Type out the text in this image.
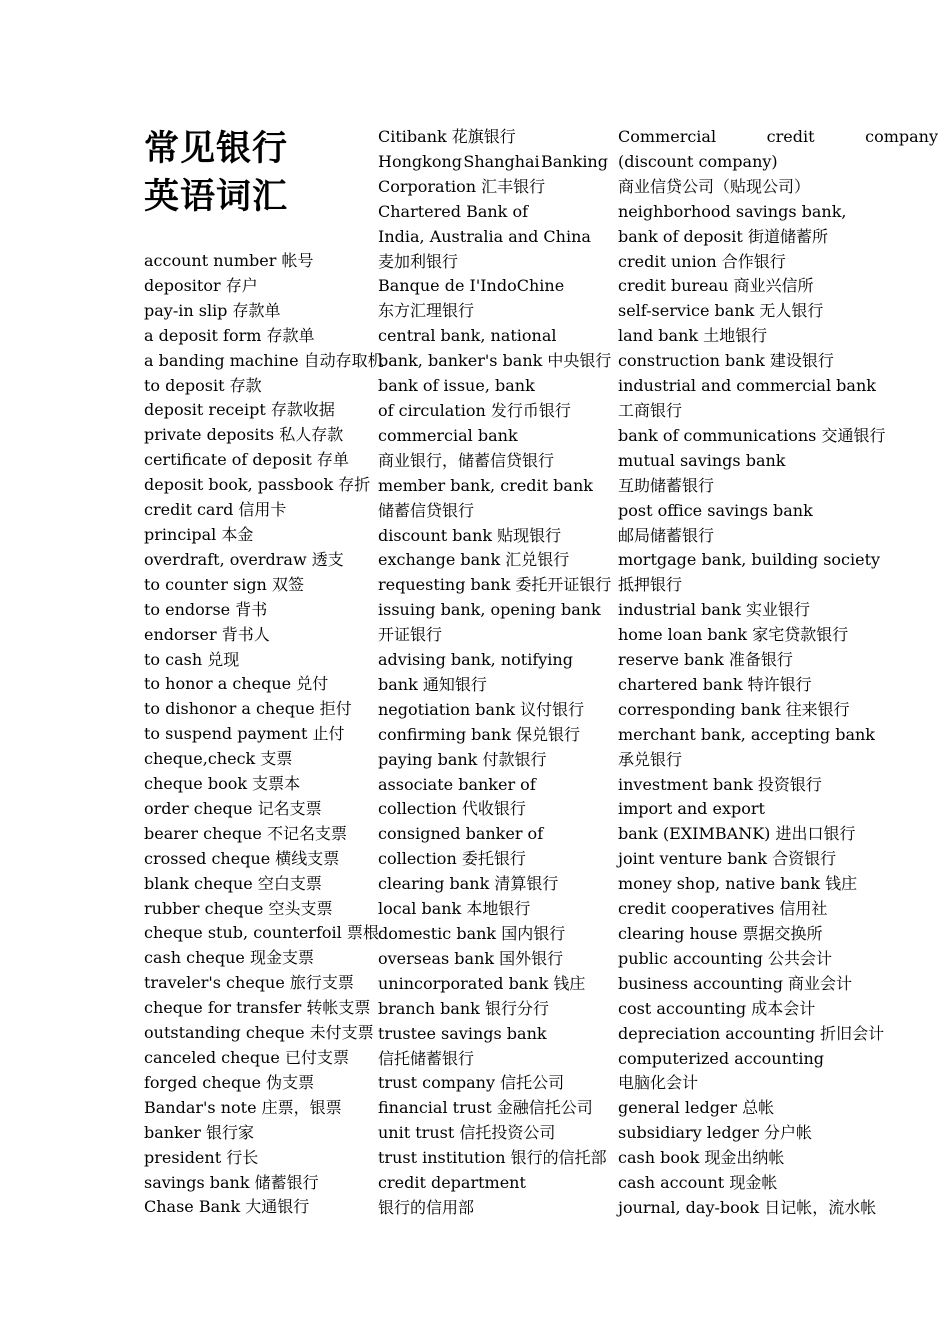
常见银行
英语词汇
account number 帐号
depositor 存户
pay-in slip 存款单
a deposit form 存款单
a banding machine 自动存取机
to deposit 存款
deposit receipt 存款收据
private deposits 私人存款
certificate of deposit 存单
deposit book, passbook 存折
credit card 信用卡
principal 本金
overdraft, overdraw 透支
to counter sign 双签
to endorse 背书
endorser 背书人
to cash 兑现
to honor a cheque 兑付
to dishonor a cheque 拒付
to suspend payment 止付
cheque,check 支票
cheque book 支票本
order cheque 记名支票
bearer cheque 不记名支票
crossed cheque 横线支票
blank cheque 空白支票
rubber cheque 空头支票
cheque stub, counterfoil 票根
cash cheque 现金支票
traveler's cheque 旅行支票
cheque for transfer 转帐支票
outstanding cheque 未付支票
canceled cheque 已付支票
forged cheque 伪支票
Bandar's note 庄票，银票
banker 银行家
president 行长
savings bank 储蓄银行
Chase Bank 大通银行
Citibank 花旗银行
Hongkong Shanghai Banking
Corporation 汇丰银行
Chartered Bank of
India, Australia and China
麦加利银行
Banque de I'IndoChine
东方汇理银行
central bank, national
bank, banker's bank 中央银行
bank of issue, bank
of circulation 发行币银行
commercial bank
商业银行，储蓄信贷银行
member bank, credit bank
储蓄信贷银行
discount bank 贴现银行
exchange bank 汇兑银行
requesting bank 委托开证银行
issuing bank, opening bank
开证银行
advising bank, notifying
bank 通知银行
negotiation bank 议付银行
confirming bank 保兑银行
paying bank 付款银行
associate banker of
collection 代收银行
consigned banker of
collection 委托银行
clearing bank 清算银行
local bank 本地银行
domestic bank 国内银行
overseas bank 国外银行
unincorporated bank 钱庄
branch bank 银行分行
trustee savings bank
信托储蓄银行
trust company 信托公司
financial trust 金融信托公司
unit trust 信托投资公司
trust institution 银行的信托部
credit department
银行的信用部
Commercial	credit	company
(discount company)
商业信贷公司（贴现公司）
neighborhood savings bank,
bank of deposit 街道储蓄所
credit union 合作银行
credit bureau 商业兴信所
self-service bank 无人银行
land bank 土地银行
construction bank 建设银行
industrial and commercial bank
工商银行
bank of communications 交通银行
mutual savings bank
互助储蓄银行
post office savings bank
邮局储蓄银行
mortgage bank, building society
抵押银行
industrial bank 实业银行
home loan bank 家宅贷款银行
reserve bank 准备银行
chartered bank 特许银行
corresponding bank 往来银行
merchant bank, accepting bank
承兑银行
investment bank 投资银行
import and export
bank (EXIMBANK) 进出口银行
joint venture bank 合资银行
money shop, native bank 钱庄
credit cooperatives 信用社
clearing house 票据交换所
public accounting 公共会计
business accounting 商业会计
cost accounting 成本会计
depreciation accounting 折旧会计
computerized accounting
电脑化会计
general ledger 总帐
subsidiary ledger 分户帐
cash book 现金出纳帐
cash account 现金帐
journal, day-book 日记帐，流水帐
